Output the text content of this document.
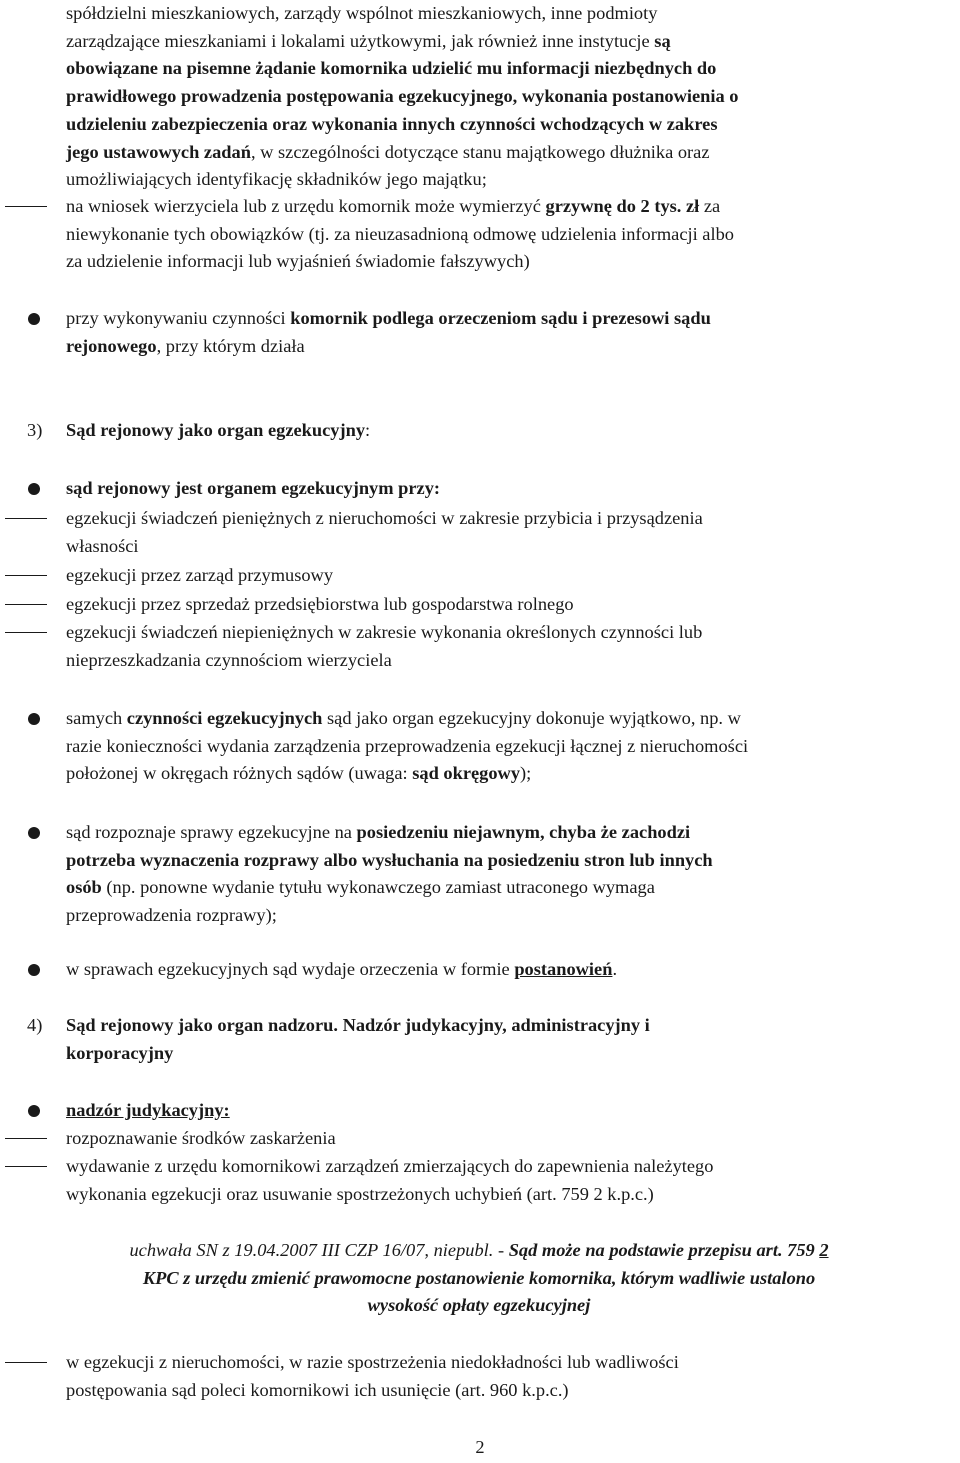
spółdzielni mieszkaniowych, zarządy wspólnot mieszkaniowych, inne podmioty
zarządzające mieszkaniami i lokalami użytkowymi, jak również inne instytucje są
obowiązane na pisemne żądanie komornika udzielić mu informacji niezbędnych do
prawidłowego prowadzenia postępowania egzekucyjnego, wykonania postanowienia o
udzieleniu zabezpieczenia oraz wykonania innych czynności wchodzących w zakres
jego ustawowych zadań, w szczególności dotyczące stanu majątkowego dłużnika oraz
umożliwiających identyfikację składników jego majątku;
na wniosek wierzyciela lub z urzędu komornik może wymierzyć grzywnę do 2 tys. zł za
niewykonanie tych obowiązków (tj. za nieuzasadnioną odmowę udzielenia informacji albo
za udzielenie informacji lub wyjaśnień świadomie fałszywych)
przy wykonywaniu czynności komornik podlega orzeczeniom sądu i prezesowi sądu
rejonowego, przy którym działa
3) Sąd rejonowy jako organ egzekucyjny:
sąd rejonowy jest organem egzekucyjnym przy:
egzekucji świadczeń pieniężnych z nieruchomości w zakresie przybicia i przysądzenia
własności
egzekucji przez zarząd przymusowy
egzekucji przez sprzedaż przedsiębiorstwa lub gospodarstwa rolnego
egzekucji świadczeń niepieniężnych w zakresie wykonania określonych czynności lub
nieprzeszkadzania czynnościom wierzyciela
samych czynności egzekucyjnych sąd jako organ egzekucyjny dokonuje wyjątkowo, np. w
razie konieczności wydania zarządzenia przeprowadzenia egzekucji łącznej z nieruchomości
położonej w okręgach różnych sądów (uwaga: sąd okręgowy);
sąd rozpoznaje sprawy egzekucyjne na posiedzeniu niejawnym, chyba że zachodzi
potrzeba wyznaczenia rozprawy albo wysłuchania na posiedzeniu stron lub innych
osób (np. ponowne wydanie tytułu wykonawczego zamiast utraconego wymaga
przeprowadzenia rozprawy);
w sprawach egzekucyjnych sąd wydaje orzeczenia w formie postanowień.
4) Sąd rejonowy jako organ nadzoru. Nadzór judykacyjny, administracyjny i
korporacyjny
nadzór judykacyjny:
rozpoznawanie środków zaskarżenia
wydawanie z urzędu komornikowi zarządzeń zmierzających do zapewnienia należytego
wykonania egzekucji oraz usuwanie spostrzeżonych uchybień (art. 759 2 k.p.c.)
uchwała SN z 19.04.2007 III CZP 16/07, niepubl. - Sąd może na podstawie przepisu art. 759 2
KPC z urzędu zmienić prawomocne postanowienie komornika, którym wadliwie ustalono
wysokość opłaty egzekucyjnej
w egzekucji z nieruchomości, w razie spostrzeżenia niedokładności lub wadliwości
postępowania sąd poleci komornikowi ich usunięcie (art. 960 k.p.c.)
2
